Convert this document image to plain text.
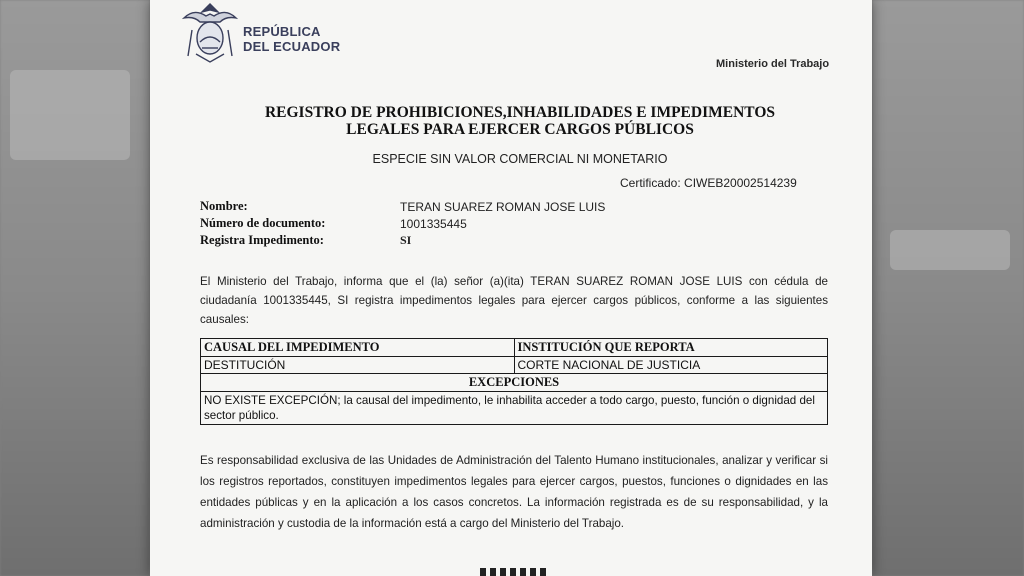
REPÚBLICA
DEL ECUADOR
Ministerio del Trabajo
REGISTRO DE PROHIBICIONES,INHABILIDADES E IMPEDIMENTOS
LEGALES PARA EJERCER CARGOS PÚBLICOS
ESPECIE SIN VALOR COMERCIAL NI MONETARIO
Certificado: CIWEB20002514239
Nombre:	TERAN SUAREZ ROMAN JOSE LUIS
Número de documento:	1001335445
Registra Impedimento:	SI
El Ministerio del Trabajo, informa que el (la) señor (a)(ita) TERAN SUAREZ ROMAN JOSE LUIS con cédula de ciudadanía 1001335445, SI registra impedimentos legales para ejercer cargos públicos, conforme a las siguientes causales:
CAUSAL DEL IMPEDIMENTO	INSTITUCIÓN QUE REPORTA
DESTITUCIÓN	CORTE NACIONAL DE JUSTICIA
EXCEPCIONES	
NO EXISTE EXCEPCIÓN; la causal del impedimento, le inhabilita acceder a todo cargo, puesto, función o dignidad del sector público.	
Es responsabilidad exclusiva de las Unidades de Administración del Talento Humano institucionales, analizar y verificar si los registros reportados, constituyen impedimentos legales para ejercer cargos, puestos, funciones o dignidades en las entidades públicas y en la aplicación a los casos concretos. La información registrada es de su responsabilidad, y la administración y custodia de la información está a cargo del Ministerio del Trabajo.
